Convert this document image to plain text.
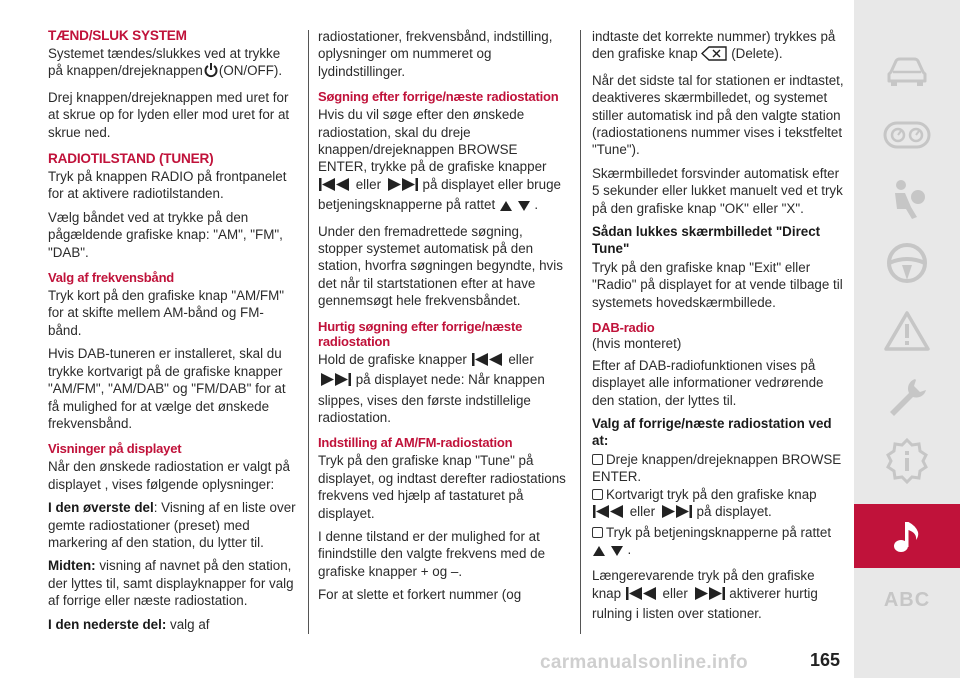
TÆND/SLUK SYSTEM

Systemet tændes/slukkes ved at trykke på knappen/drejeknappen (ON/OFF).

Drej knappen/drejeknappen med uret for at skrue op for lyden eller mod uret for at skrue ned.

RADIOTILSTAND (TUNER)

Tryk på knappen RADIO på frontpanelet for at aktivere radiotilstanden.

Vælg båndet ved at trykke på den pågældende grafiske knap: "AM", "FM", "DAB".

Valg af frekvensbånd

Tryk kort på den grafiske knap "AM/FM" for at skifte mellem AM-bånd og FM-bånd.

Hvis DAB-tuneren er installeret, skal du trykke kortvarigt på de grafiske knapper "AM/FM", "AM/DAB" og "FM/DAB" for at få mulighed for at vælge det ønskede frekvensbånd.

Visninger på displayet

Når den ønskede radiostation er valgt på displayet , vises følgende oplysninger:

I den øverste del: Visning af en liste over gemte radiostationer (preset) med markering af den station, du lytter til.

Midten: visning af navnet på den station, der lyttes til, samt displayknapper for valg af forrige eller næste radiostation.

I den nederste del: valg af

radiostationer, frekvensbånd, indstilling, oplysninger om nummeret og lydindstillinger.

Søgning efter forrige/næste radiostation

Hvis du vil søge efter den ønskede radiostation, skal du dreje knappen/drejeknappen BROWSE ENTER, trykke på de grafiske knapper  eller	på displayet eller bruge betjeningsknapperne på rattet	.

Under den fremadrettede søgning, stopper systemet automatisk på den station, hvorfra søgningen begyndte, hvis det når til startstationen efter at have gennemsøgt hele frekvensbåndet.

Hurtig søgning efter forrige/næste radiostation

Hold de grafiske knapper	eller  på displayet nede: Når knappen slippes, vises den første indstillelige radiostation.

Indstilling af AM/FM-radiostation

Tryk på den grafiske knap "Tune" på displayet, og indtast derefter radiostations frekvens ved hjælp af tastaturet på displayet.

I denne tilstand er der mulighed for at finindstille den valgte frekvens med de grafiske knapper + og –.

For at slette et forkert nummer (og

indtaste det korrekte nummer) trykkes på den grafiske knap (Delete).

Når det sidste tal for stationen er indtastet, deaktiveres skærmbilledet, og systemet stiller automatisk ind på den valgte station (radiostationens nummer vises i tekstfeltet "Tune").

Skærmbilledet forsvinder automatisk efter 5 sekunder eller lukket manuelt ved et tryk på den grafiske knap "OK" eller "X".

Sådan lukkes skærmbilledet "Direct Tune"

Tryk på den grafiske knap "Exit" eller "Radio" på displayet for at vende tilbage til systemets hovedskærmbillede.

DAB-radio

(hvis monteret)

Efter af DAB-radiofunktionen vises på displayet alle informationer vedrørende den station, der lyttes til.

Valg af forrige/næste radiostation ved at:

Dreje knappen/drejeknappen BROWSE ENTER.

Kortvarigt tryk på den grafiske knap  eller	på displayet.

Tryk på betjeningsknapperne på rattet   .

Længerevarende tryk på den grafiske knap	eller	aktiverer hurtig rulning i listen over stationer.

ABC
carmanualsonline.info	165
